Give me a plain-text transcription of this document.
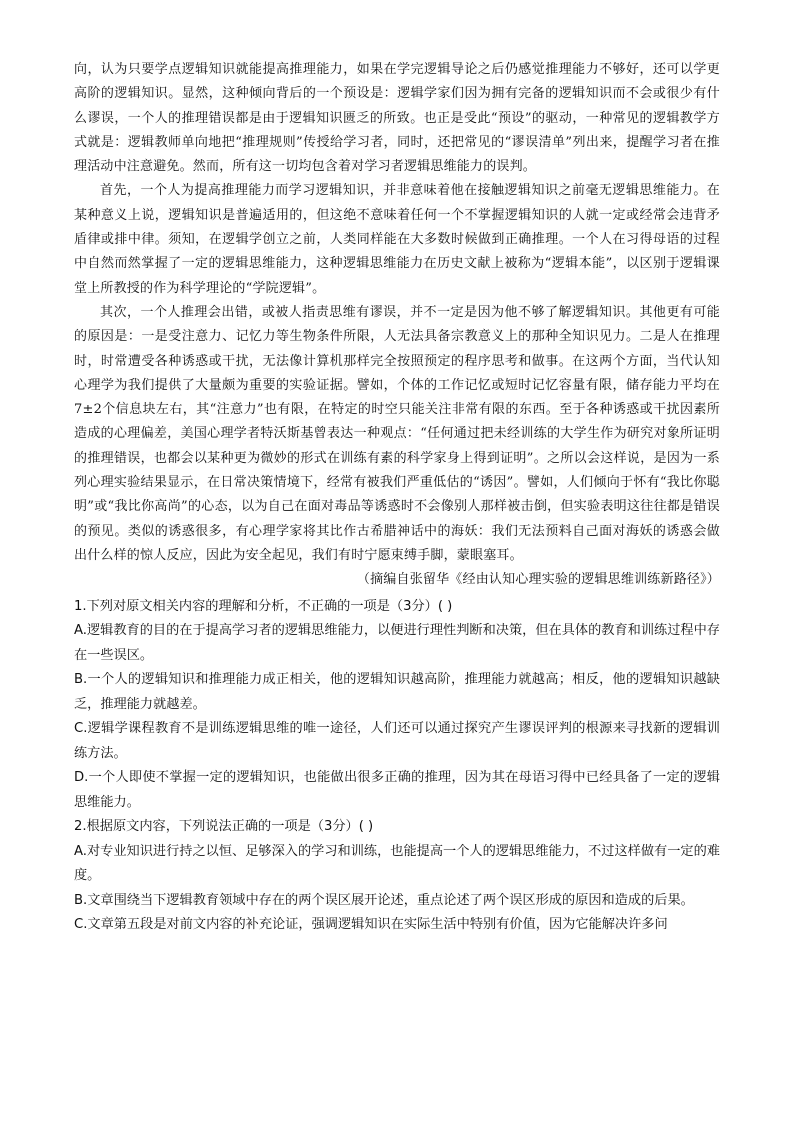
向，认为只要学点逻辑知识就能提高推理能力，如果在学完逻辑导论之后仍感觉推理能力不够好，还可以学更高阶的逻辑知识。显然，这种倾向背后的一个预设是：逻辑学家们因为拥有完备的逻辑知识而不会或很少有什么谬误，一个人的推理错误都是由于逻辑知识匮乏的所致。也正是受此“预设”的驱动，一种常见的逻辑教学方式就是：逻辑教师单向地把“推理规则”传授给学习者，同时，还把常见的“谬误清单”列出来，提醒学习者在推理活动中注意避免。然而，所有这一切均包含着对学习者逻辑思维能力的误判。

首先，一个人为提高推理能力而学习逻辑知识，并非意味着他在接触逻辑知识之前毫无逻辑思维能力。在某种意义上说，逻辑知识是普遍适用的，但这绝不意味着任何一个不掌握逻辑知识的人就一定或经常会违背矛盾律或排中律。须知，在逻辑学创立之前，人类同样能在大多数时候做到正确推理。一个人在习得母语的过程中自然而然掌握了一定的逻辑思维能力，这种逻辑思维能力在历史文献上被称为“逻辑本能”，以区别于逻辑课堂上所教授的作为科学理论的“学院逻辑”。

其次，一个人推理会出错，或被人指责思维有谬误，并不一定是因为他不够了解逻辑知识。其他更有可能的原因是：一是受注意力、记忆力等生物条件所限，人无法具备宗教意义上的那种全知识见力。二是人在推理时，时常遭受各种诱惑或干扰，无法像计算机那样完全按照预定的程序思考和做事。在这两个方面，当代认知心理学为我们提供了大量颇为重要的实验证据。譬如，个体的工作记忆或短时记忆容量有限，储存能力平均在7±2个信息块左右，其“注意力”也有限，在特定的时空只能关注非常有限的东西。至于各种诱惑或干扰因素所造成的心理偏差，美国心理学者特沃斯基曾表达一种观点：“任何通过把未经训练的大学生作为研究对象所证明的推理错误，也都会以某种更为微妙的形式在训练有素的科学家身上得到证明”。之所以会这样说，是因为一系列心理实验结果显示，在日常决策情境下，经常有被我们严重低估的“诱因”。譬如，人们倾向于怀有“我比你聪明”或“我比你高尚”的心态，以为自己在面对毒品等诱惑时不会像别人那样被击倒，但实验表明这往往都是错误的预见。类似的诱惑很多，有心理学家将其比作古希腊神话中的海妖：我们无法预料自己面对海妖的诱惑会做出什么样的惊人反应，因此为安全起见，我们有时宁愿束缚手脚，蒙眼塞耳。

（摘编自张留华《经由认知心理实验的逻辑思维训练新路径》）

1.下列对原文相关内容的理解和分析，不正确的一项是（3分）( )

A.逻辑教育的目的在于提高学习者的逻辑思维能力，以便进行理性判断和决策，但在具体的教育和训练过程中存在一些误区。

B.一个人的逻辑知识和推理能力成正相关，他的逻辑知识越高阶，推理能力就越高；相反，他的逻辑知识越缺乏，推理能力就越差。

C.逻辑学课程教育不是训练逻辑思维的唯一途径，人们还可以通过探究产生谬误评判的根源来寻找新的逻辑训练方法。

D.一个人即使不掌握一定的逻辑知识，也能做出很多正确的推理，因为其在母语习得中已经具备了一定的逻辑思维能力。

2.根据原文内容，下列说法正确的一项是（3分）( )

A.对专业知识进行持之以恒、足够深入的学习和训练，也能提高一个人的逻辑思维能力，不过这样做有一定的难度。

B.文章围绕当下逻辑教育领域中存在的两个误区展开论述，重点论述了两个误区形成的原因和造成的后果。

C.文章第五段是对前文内容的补充论证，强调逻辑知识在实际生活中特别有价值，因为它能解决许多问
